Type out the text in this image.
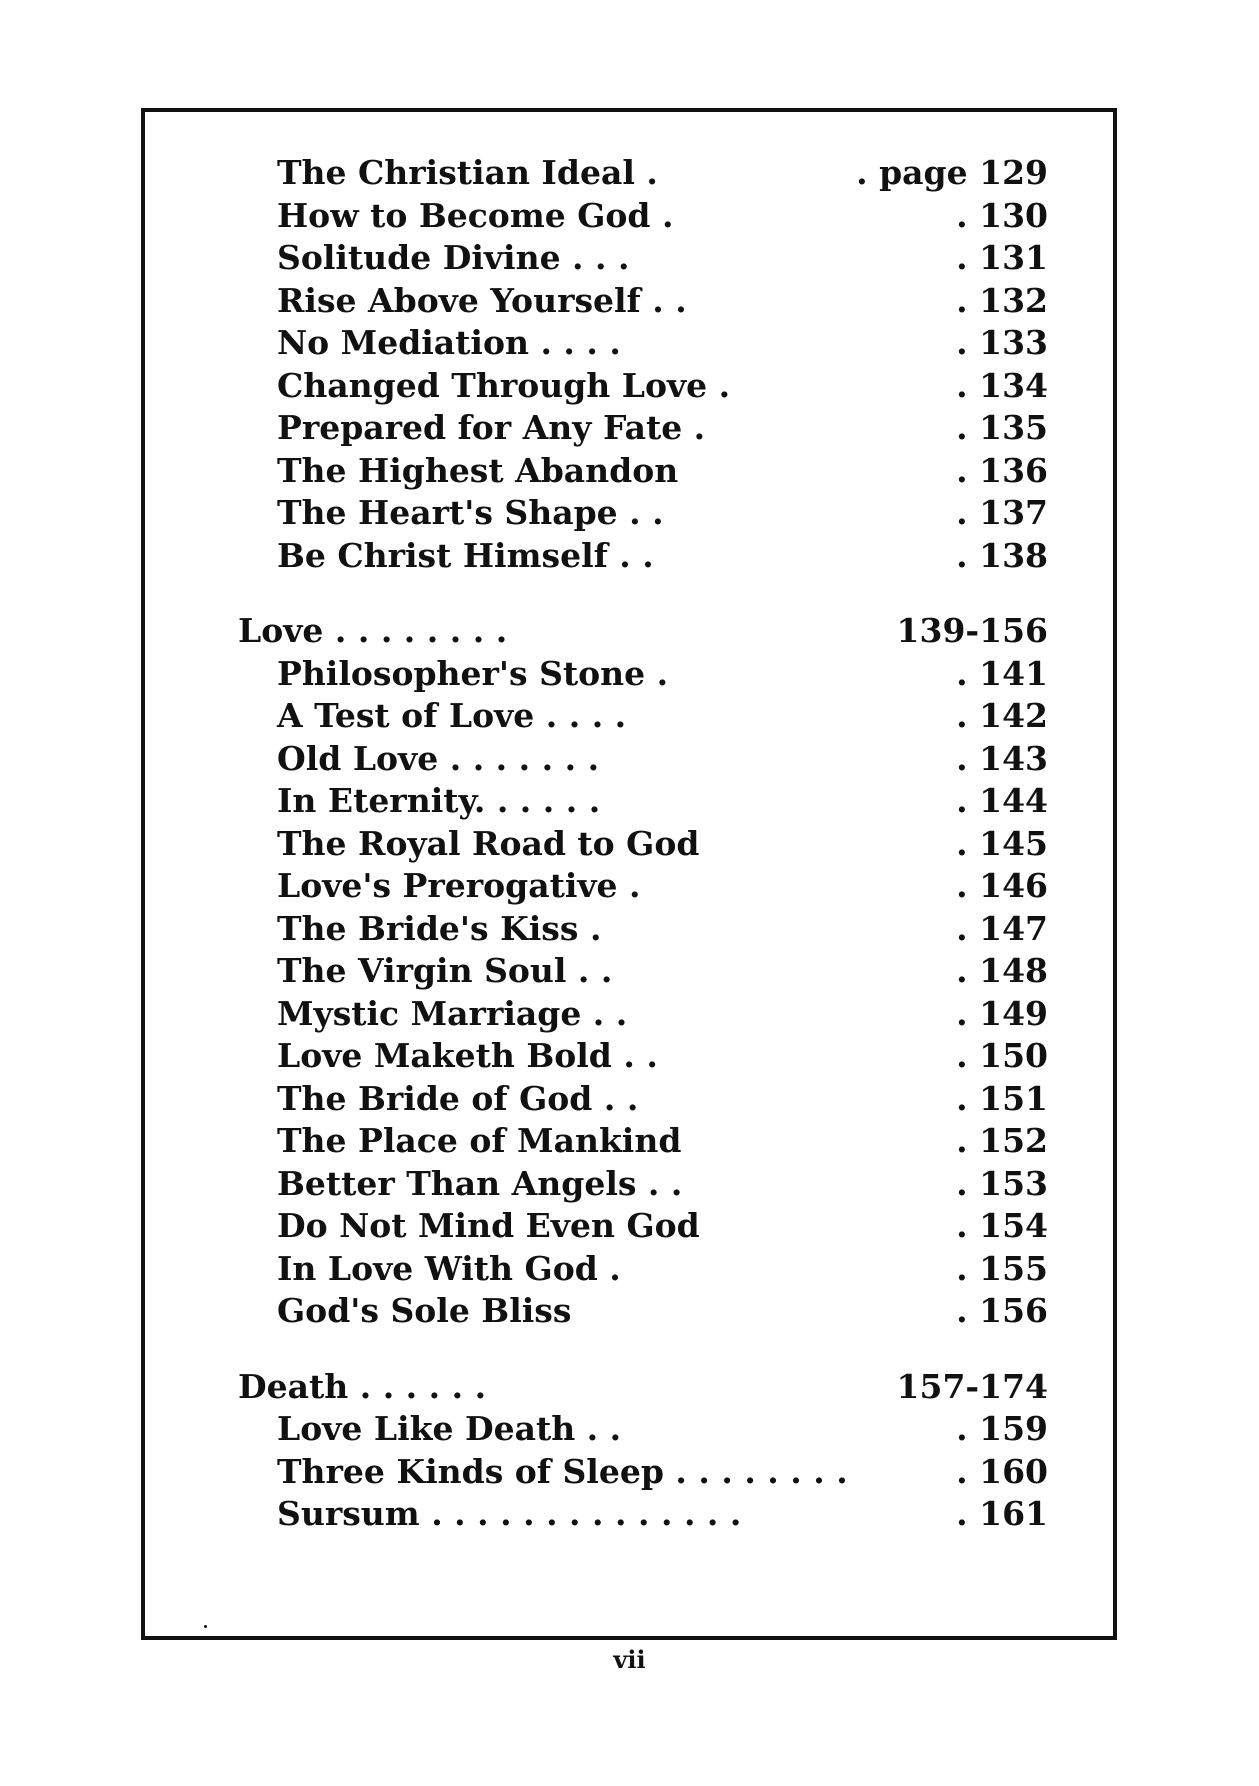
The Christian Ideal .	. page 129
How to Become God .	. 130
Solitude Divine . . .	. 131
Rise Above Yourself . .	. 132
No Mediation . . . .	. 133
Changed Through Love .	. 134
Prepared for Any Fate .	. 135
The Highest Abandon	. 136
The Heart's Shape . .	. 137
Be Christ Himself . .	. 138
Love . . . . . . . .	139-156
Philosopher's Stone .	. 141
A Test of Love . . . .	. 142
Old Love . . . . . . .	. 143
In Eternity. . . . . .	. 144
The Royal Road to God	. 145
Love's Prerogative .	. 146
The Bride's Kiss .	. 147
The Virgin Soul . .	. 148
Mystic Marriage . .	. 149
Love Maketh Bold . .	. 150
The Bride of God . .	. 151
The Place of Mankind	. 152
Better Than Angels . .	. 153
Do Not Mind Even God	. 154
In Love With God .	. 155
God's Sole Bliss	. 156
Death . . . . . .	157-174
Love Like Death . .	. 159
Three Kinds of Sleep . . . . . . . .	. 160
Sursum . . . . . . . . . . . . . .	. 161
vii
